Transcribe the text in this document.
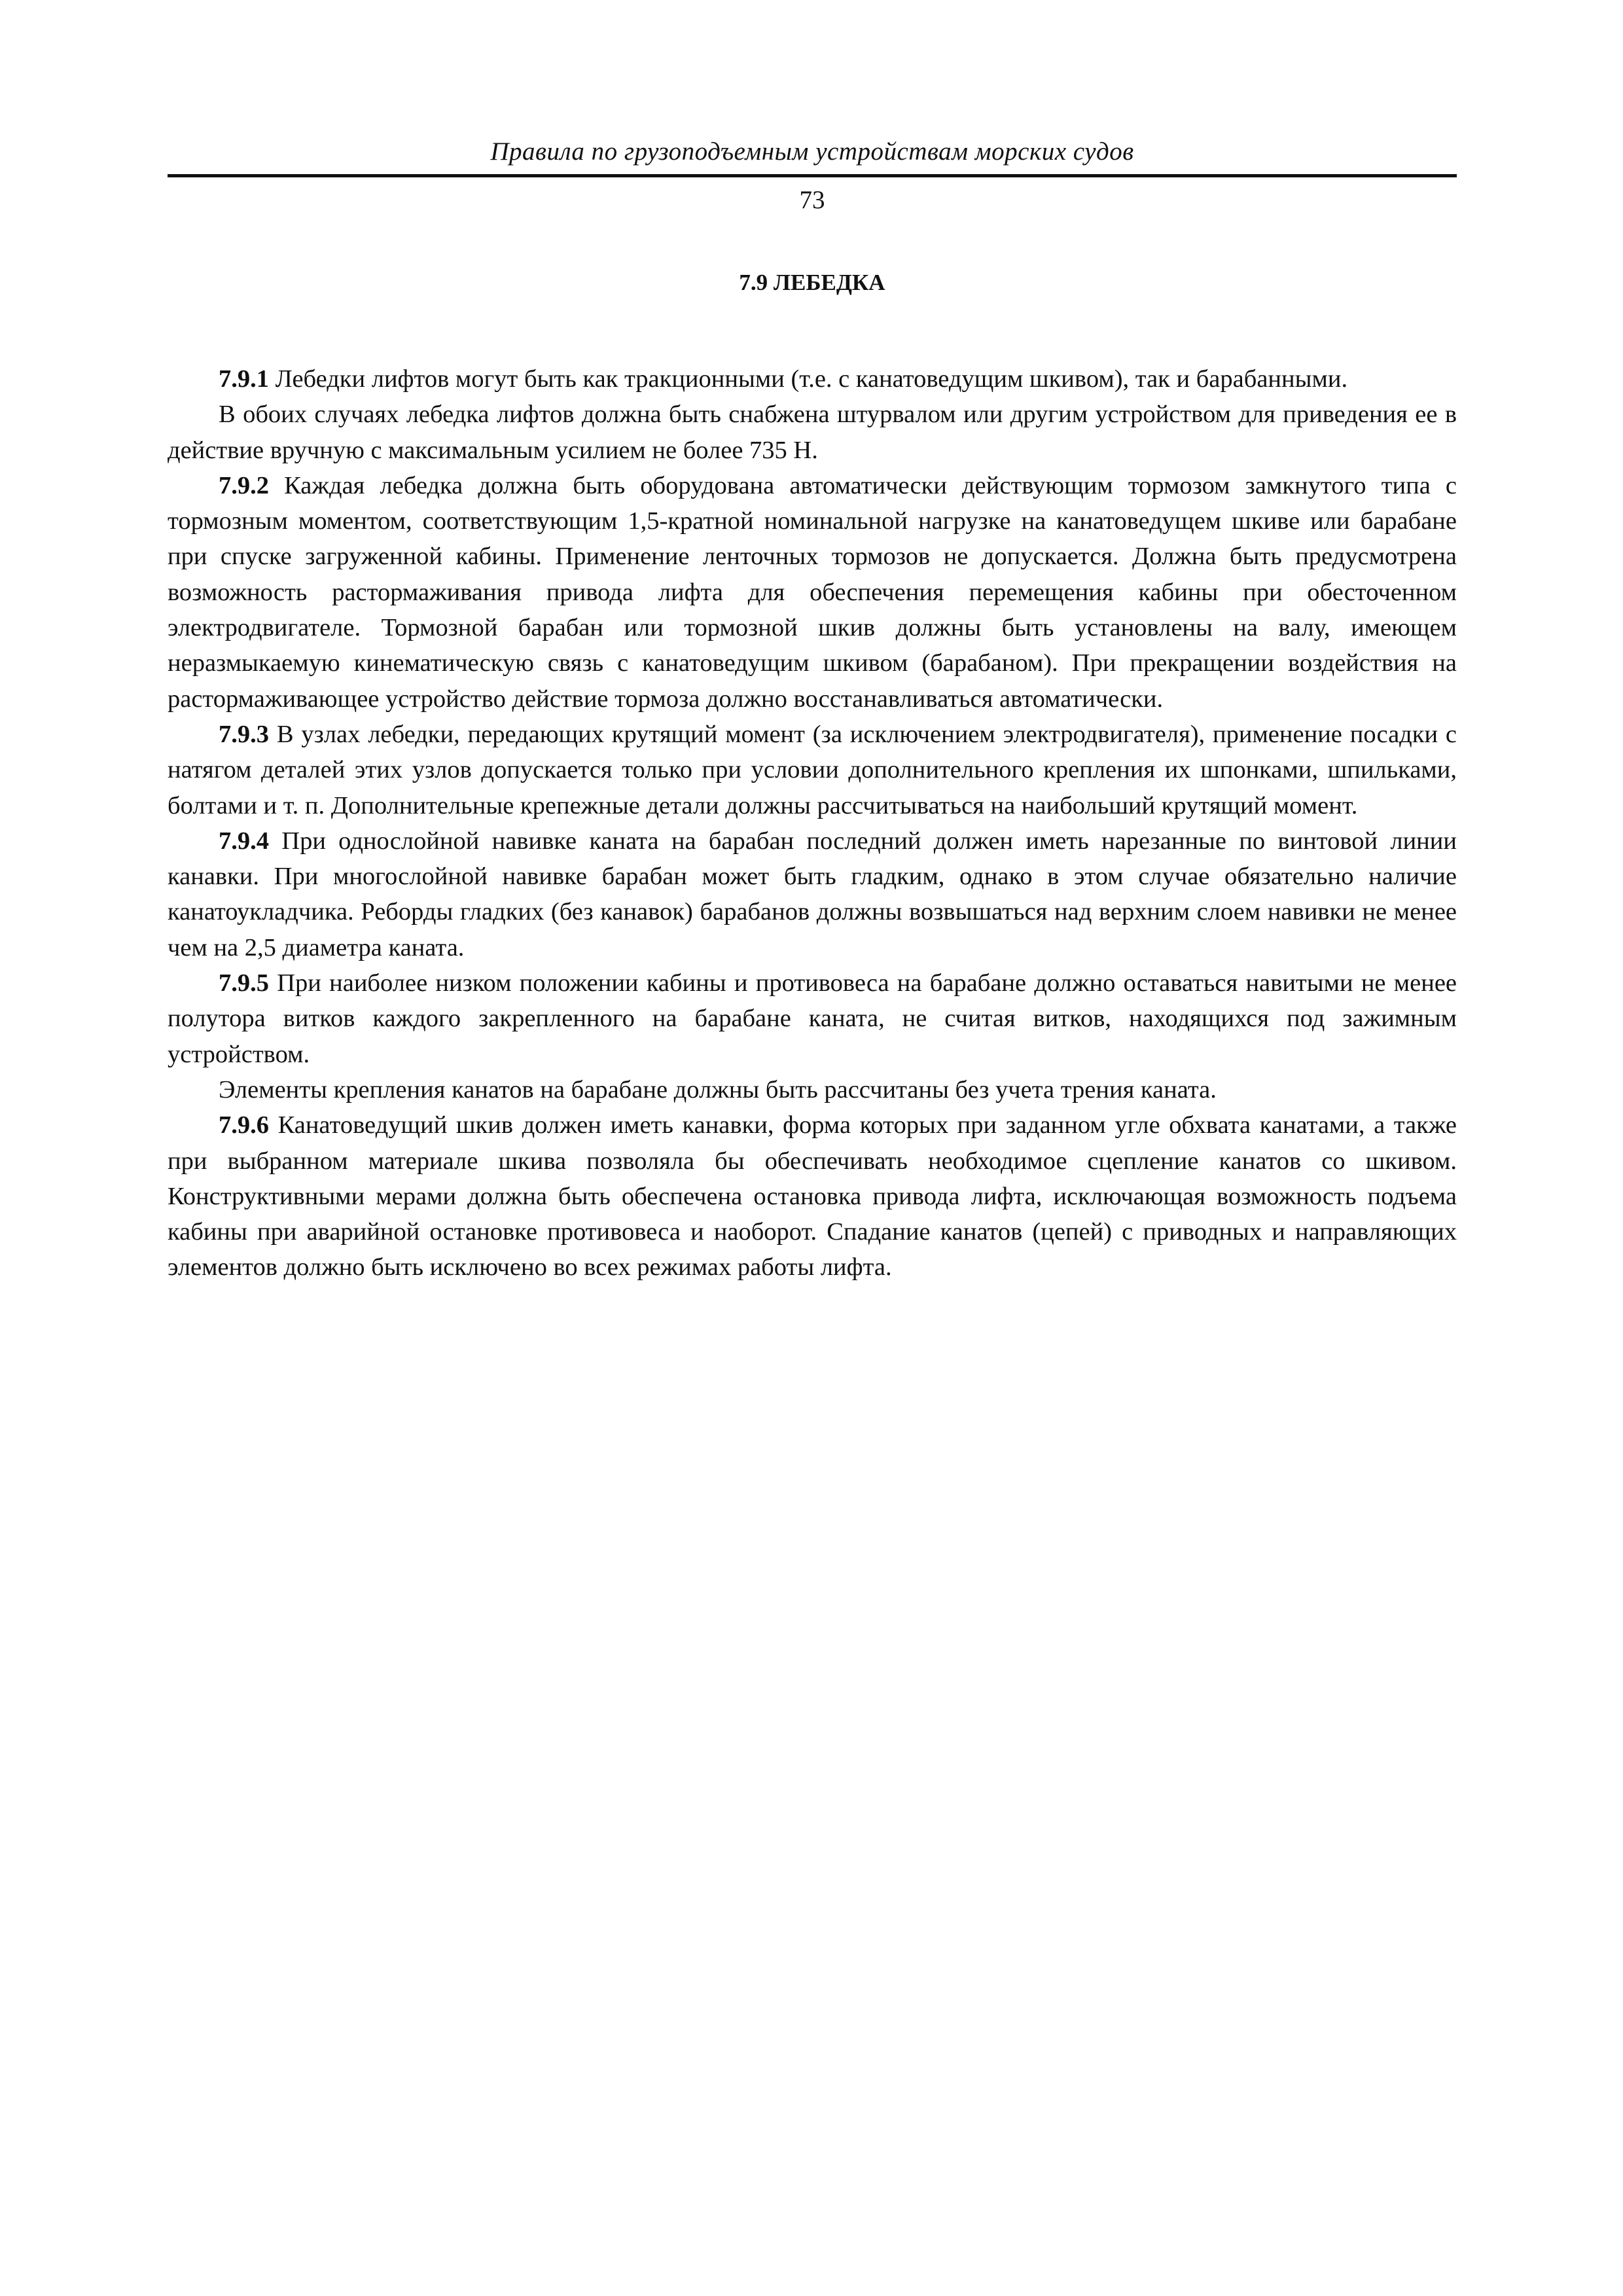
Правила по грузоподъемным устройствам морских судов
73
7.9 ЛЕБЕДКА

7.9.1 Лебедки лифтов могут быть как тракционными (т.е. с канатоведущим шкивом), так и барабанными.

В обоих случаях лебедка лифтов должна быть снабжена штурвалом или другим устройством для приведения ее в действие вручную с максимальным усилием не более 735 Н.

7.9.2 Каждая лебедка должна быть оборудована автоматически действующим тормозом замкнутого типа с тормозным моментом, соответствующим 1,5-кратной номинальной нагрузке на канатоведущем шкиве или барабане при спуске загруженной кабины. Применение ленточных тормозов не допускается. Должна быть предусмотрена возможность растормаживания привода лифта для обеспечения перемещения кабины при обесточенном электродвигателе. Тормозной барабан или тормозной шкив должны быть установлены на валу, имеющем неразмыкаемую кинематическую связь с канатоведущим шкивом (барабаном). При прекращении воздействия на растормаживающее устройство действие тормоза должно восстанавливаться автоматически.

7.9.3 В узлах лебедки, передающих крутящий момент (за исключением электродвигателя), применение посадки с натягом деталей этих узлов допускается только при условии дополнительного крепления их шпонками, шпильками, болтами и т. п. Дополнительные крепежные детали должны рассчитываться на наибольший крутящий момент.

7.9.4 При однослойной навивке каната на барабан последний должен иметь нарезанные по винтовой линии канавки. При многослойной навивке барабан может быть гладким, однако в этом случае обязательно наличие канатоукладчика. Реборды гладких (без канавок) барабанов должны возвышаться над верхним слоем навивки не менее чем на 2,5 диаметра каната.

7.9.5 При наиболее низком положении кабины и противовеса на барабане должно оставаться навитыми не менее полутора витков каждого закрепленного на барабане каната, не считая витков, находящихся под зажимным устройством.

Элементы крепления канатов на барабане должны быть рассчитаны без учета трения каната.

7.9.6 Канатоведущий шкив должен иметь канавки, форма которых при заданном угле обхвата канатами, а также при выбранном материале шкива позволяла бы обеспечивать необходимое сцепление канатов со шкивом. Конструктивными мерами должна быть обеспечена остановка привода лифта, исключающая возможность подъема кабины при аварийной остановке противовеса и наоборот. Спадание канатов (цепей) с приводных и направляющих элементов должно быть исключено во всех режимах работы лифта.
